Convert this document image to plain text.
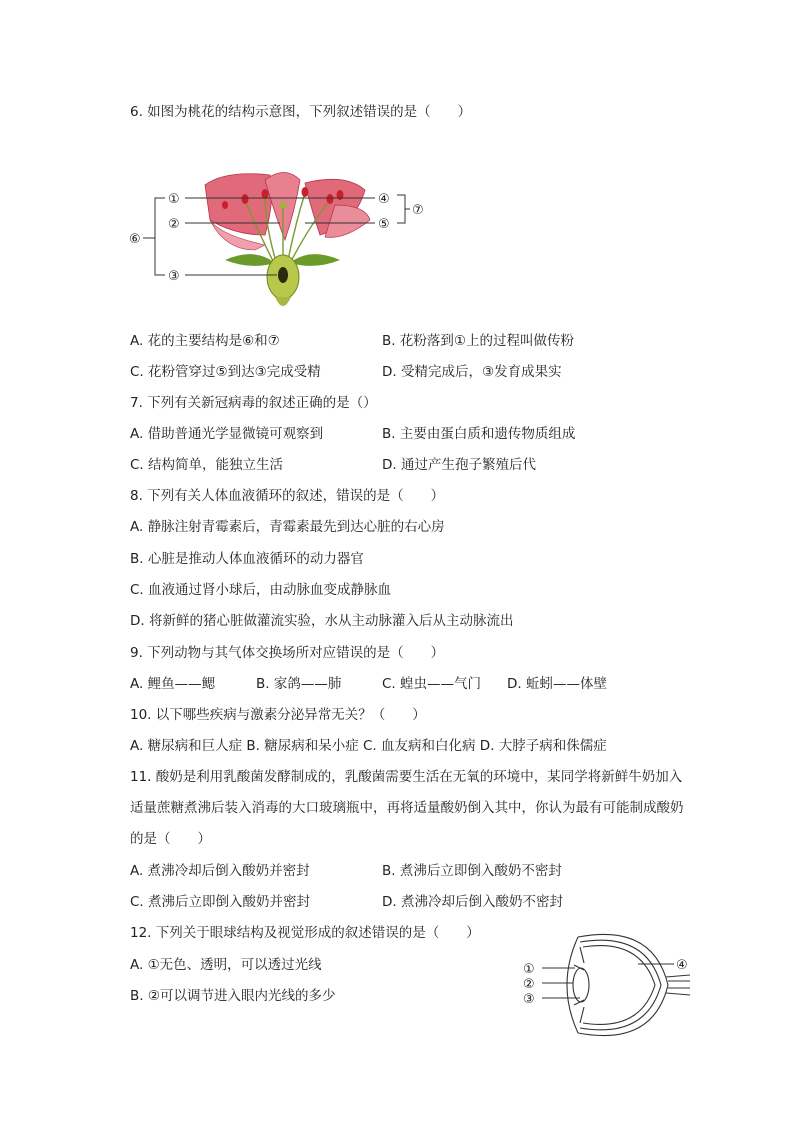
6. 如图为桃花的结构示意图，下列叙述错误的是（　　）
①
②
③
④
⑤
⑥
⑦
A. 花的主要结构是⑥和⑦	B. 花粉落到①上的过程叫做传粉
C. 花粉管穿过⑤到达③完成受精	D. 受精完成后，③发育成果实
7. 下列有关新冠病毒的叙述正确的是（）
A. 借助普通光学显微镜可观察到	B. 主要由蛋白质和遗传物质组成
C. 结构简单，能独立生活	D. 通过产生孢子繁殖后代
8. 下列有关人体血液循环的叙述，错误的是（　　）
A. 静脉注射青霉素后，青霉素最先到达心脏的右心房
B. 心脏是推动人体血液循环的动力器官
C. 血液通过肾小球后，由动脉血变成静脉血
D. 将新鲜的猪心脏做灌流实验，水从主动脉灌入后从主动脉流出
9. 下列动物与其气体交换场所对应错误的是（　　）
A. 鲤鱼——鳃	B. 家鸽——肺	C. 蝗虫——气门 D. 蚯蚓——体壁
10. 以下哪些疾病与激素分泌异常无关？（　　）
A. 糖尿病和巨人症 B. 糖尿病和呆小症 C. 血友病和白化病 D. 大脖子病和侏儒症
11. 酸奶是利用乳酸菌发酵制成的，乳酸菌需要生活在无氧的环境中，某同学将新鲜牛奶加入适量蔗糖煮沸后装入消毒的大口玻璃瓶中，再将适量酸奶倒入其中，你认为最有可能制成酸奶的是（　　）
A. 煮沸冷却后倒入酸奶并密封	B. 煮沸后立即倒入酸奶不密封
C. 煮沸后立即倒入酸奶并密封	D. 煮沸冷却后倒入酸奶不密封
12. 下列关于眼球结构及视觉形成的叙述错误的是（　　）
A. ①无色、透明，可以透过光线
B. ②可以调节进入眼内光线的多少
①
②
③
④
